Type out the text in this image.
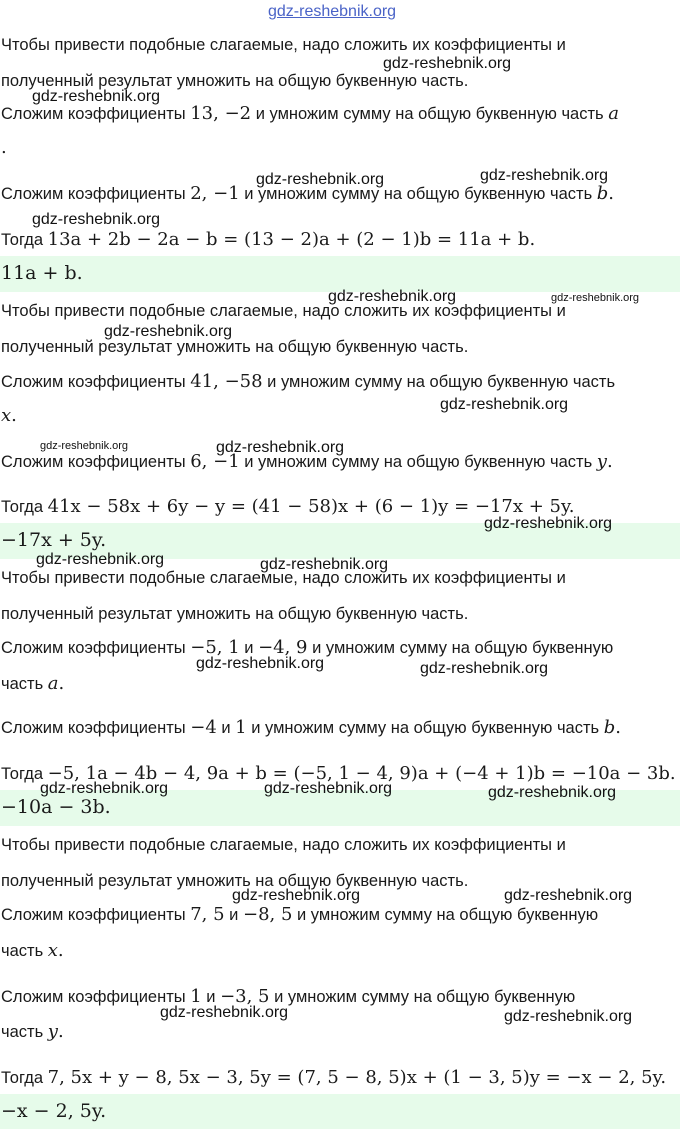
gdz-reshebnik.org
Чтобы привести подобные слагаемые, надо сложить их коэффициенты и
полученный результат умножить на общую буквенную часть.
Сложим коэффициенты 13, −2 и умножим сумму на общую буквенную часть a
.
Сложим коэффициенты 2, −1 и умножим сумму на общую буквенную часть b.
Тогда 13a + 2b − 2a − b = (13 − 2)a + (2 − 1)b = 11a + b.
11a + b.
Чтобы привести подобные слагаемые, надо сложить их коэффициенты и
полученный результат умножить на общую буквенную часть.
Сложим коэффициенты 41, −58 и умножим сумму на общую буквенную часть
x.
Сложим коэффициенты 6, −1 и умножим сумму на общую буквенную часть y.
Тогда 41x − 58x + 6y − y = (41 − 58)x + (6 − 1)y = −17x + 5y.
−17x + 5y.
Чтобы привести подобные слагаемые, надо сложить их коэффициенты и
полученный результат умножить на общую буквенную часть.
Сложим коэффициенты −5, 1 и −4, 9 и умножим сумму на общую буквенную
часть a.
Сложим коэффициенты −4 и 1 и умножим сумму на общую буквенную часть b.
Тогда −5, 1a − 4b − 4, 9a + b = (−5, 1 − 4, 9)a + (−4 + 1)b = −10a − 3b.
−10a − 3b.
Чтобы привести подобные слагаемые, надо сложить их коэффициенты и
полученный результат умножить на общую буквенную часть.
Сложим коэффициенты 7, 5 и −8, 5 и умножим сумму на общую буквенную
часть x.
Сложим коэффициенты 1 и −3, 5 и умножим сумму на общую буквенную
часть y.
Тогда 7, 5x + y − 8, 5x − 3, 5y = (7, 5 − 8, 5)x + (1 − 3, 5)y = −x − 2, 5y.
−x − 2, 5y.
gdz-reshebnik.org
gdz-reshebnik.org
gdz-reshebnik.org	gdz-reshebnik.org
gdz-reshebnik.org
gdz-reshebnik.org	gdz-reshebnik.org
gdz-reshebnik.org
gdz-reshebnik.org
gdz-reshebnik.org	gdz-reshebnik.org
gdz-reshebnik.org
gdz-reshebnik.org	gdz-reshebnik.org
gdz-reshebnik.org	gdz-reshebnik.org
gdz-reshebnik.org	gdz-reshebnik.org	gdz-reshebnik.org
gdz-reshebnik.org	gdz-reshebnik.org
gdz-reshebnik.org	gdz-reshebnik.org
